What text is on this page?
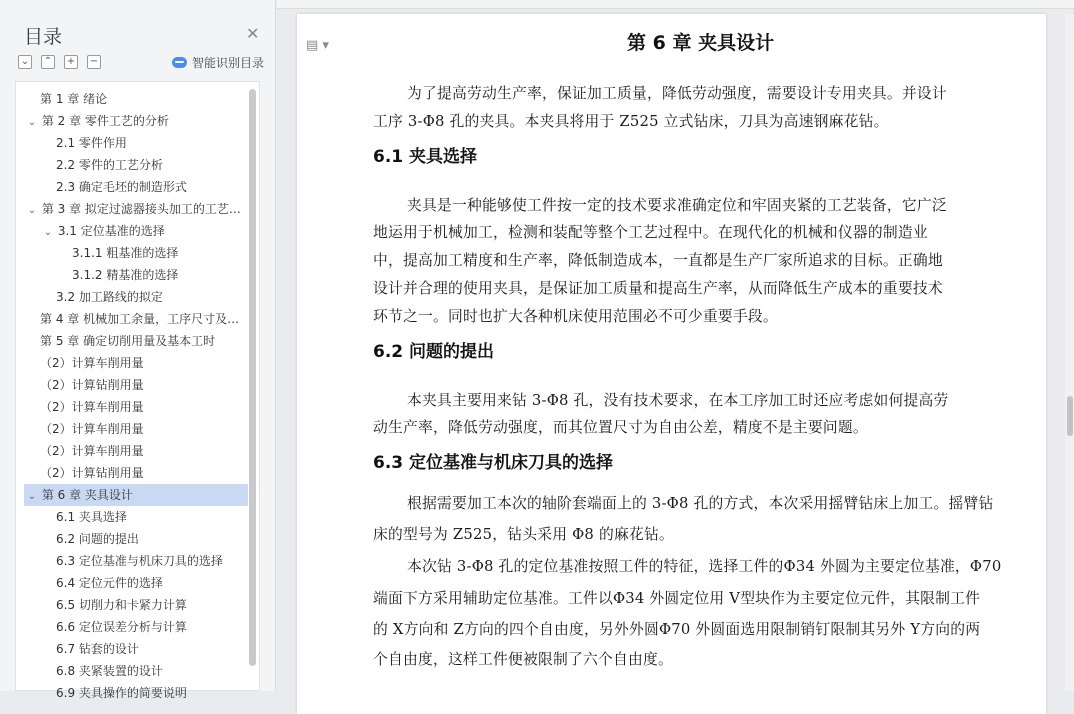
目录	✕
⌄ ⌃ + −	智能识别目录
第 1 章 绪论
⌄ 第 2 章 零件工艺的分析
2.1 零件作用
2.2 零件的工艺分析
2.3 确定毛坯的制造形式
⌄ 第 3 章 拟定过滤器接头加工的工艺…
⌄ 3.1 定位基准的选择
3.1.1 粗基准的选择
3.1.2 精基准的选择
3.2 加工路线的拟定
第 4 章 机械加工余量，工序尺寸及…
第 5 章 确定切削用量及基本工时
（2）计算车削用量
（2）计算钻削用量
（2）计算车削用量
（2）计算车削用量
（2）计算车削用量
（2）计算钻削用量
⌄ 第 6 章 夹具设计
6.1 夹具选择
6.2 问题的提出
6.3 定位基准与机床刀具的选择
6.4 定位元件的选择
6.5 切削力和卡紧力计算
6.6 定位误差分析与计算
6.7 钻套的设计
6.8 夹紧装置的设计
6.9 夹具操作的简要说明
▤ ▾	第 6 章 夹具设计
为了提高劳动生产率，保证加工质量，降低劳动强度，需要设计专用夹具。并设计
工序 3-Φ8 孔的夹具。本夹具将用于 Z525 立式钻床，刀具为高速钢麻花钻。
6.1 夹具选择
夹具是一种能够使工件按一定的技术要求准确定位和牢固夹紧的工艺装备，它广泛
地运用于机械加工，检测和装配等整个工艺过程中。在现代化的机械和仪器的制造业
中，提高加工精度和生产率，降低制造成本，一直都是生产厂家所追求的目标。正确地
设计并合理的使用夹具，是保证加工质量和提高生产率，从而降低生产成本的重要技术
环节之一。同时也扩大各种机床使用范围必不可少重要手段。
6.2 问题的提出
本夹具主要用来钻 3-Φ8 孔，没有技术要求，在本工序加工时还应考虑如何提高劳
动生产率，降低劳动强度，而其位置尺寸为自由公差，精度不是主要问题。
6.3 定位基准与机床刀具的选择
根据需要加工本次的轴阶套端面上的 3-Φ8 孔的方式，本次采用摇臂钻床上加工。摇臂钻
床的型号为 Z525，钻头采用 Φ8 的麻花钻。
本次钻 3-Φ8 孔的定位基准按照工件的特征，选择工件的Φ34 外圆为主要定位基准，Φ70
端面下方采用辅助定位基准。工件以Φ34 外圆定位用 V型块作为主要定位元件，其限制工件
的 X方向和 Z方向的四个自由度，另外外圆Φ70 外圆面选用限制销钉限制其另外 Y方向的两
个自由度，这样工件便被限制了六个自由度。
